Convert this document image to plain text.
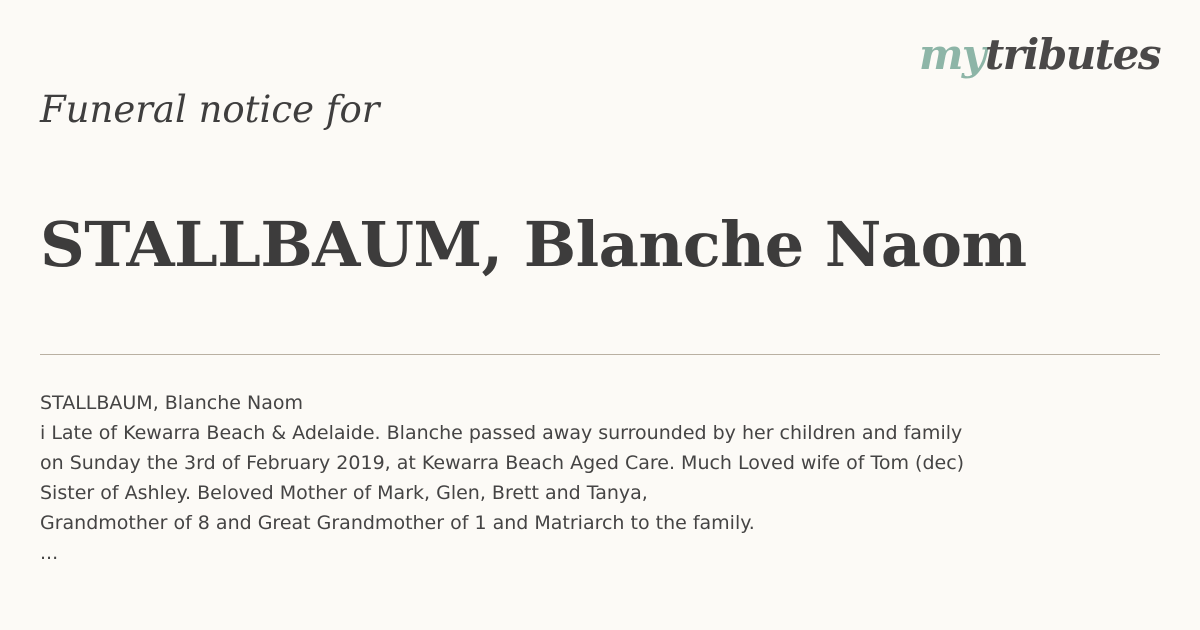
mytributes
Funeral notice for
STALLBAUM, Blanche Naom
STALLBAUM, Blanche Naom
i Late of Kewarra Beach & Adelaide. Blanche passed away surrounded by her children and family
on Sunday the 3rd of February 2019, at Kewarra Beach Aged Care. Much Loved wife of Tom (dec)
Sister of Ashley. Beloved Mother of Mark, Glen, Brett and Tanya,
Grandmother of 8 and Great Grandmother of 1 and Matriarch to the family.
...
